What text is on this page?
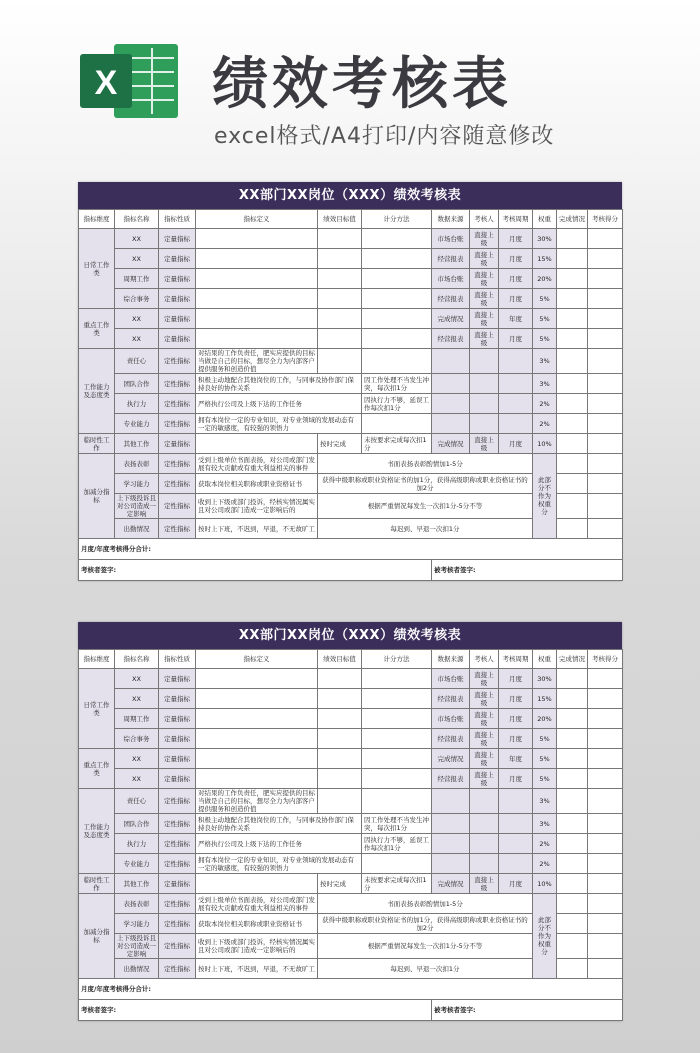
X 绩效考核表
excel格式/A4打印/内容随意修改
XX部门XX岗位（XXX）绩效考核表
指标维度	指标名称	指标性质	指标定义	绩效目标值	计分方法	数据来源	考核人	考核周期	权重	完成情况	考核得分
日常工作类	XX	定量指标				市场台账	直接上级	月度	30%		
	XX	定量指标				经营报表	直接上级	月度	15%		
	周期工作	定量指标				市场台账	直接上级	月度	20%		
	综合事务	定量指标				经营报表	直接上级	月度	5%		
重点工作类	XX	定量指标				完成情况	直接上级	年度	5%		
	XX	定量指标				经营报表	直接上级	月度	5%		
工作能力及态度类	责任心	定性指标	对结果的工作负责任，肥实应提供的目标当做是自己的目标，想尽全力为内部客户提供服务和创造价值						3%		
	团队合作	定性指标	积极主动地配合其他岗位的工作，与同事及协作部门保持良好的协作关系		因工作处理不当发生冲突，每次扣1分				3%		
	执行力	定性指标	严格执行公司及上级下达的工作任务		因执行力不够，延误工作每次扣1分				2%		
	专业能力	定性指标	拥有本岗位一定的专业知识，对专业领域的发展动态有一定的敏感度，有较强的领悟力						2%		
临时性工作	其他工作	定量指标		按时完成	未按要求完成每次扣1分	完成情况	直接上级	月度	10%		
加减分指标	表扬表彰	定性指标	受到上级单位书面表扬，对公司或部门发展有较大贡献或有重大利益相关的事件	书面表扬表彰酌情加1-5分					此部分不作为权重分		
	学习能力	定性指标	获取本岗位相关职称或职业资格证书	获得中级职称或职业资格证书的加1分，获得高级职称或职业资格证书的加2分							
	上下级投诉且对公司造成一定影响	定性指标	收到上下级或部门投诉，经核实情况属实且对公司或部门造成一定影响后的	根据严重情况每发生一次扣1分-5分不等							
	出勤情况	定性指标	按时上下班，不迟到，早退，不无故旷工	每迟到、早退一次扣1分							
月度/年度考核得分合计:											
考核者签字:						被考核者签字:					
XX部门XX岗位（XXX）绩效考核表
指标维度	指标名称	指标性质	指标定义	绩效目标值	计分方法	数据来源	考核人	考核周期	权重	完成情况	考核得分
日常工作类	XX	定量指标				市场台账	直接上级	月度	30%		
	XX	定量指标				经营报表	直接上级	月度	15%		
	周期工作	定量指标				市场台账	直接上级	月度	20%		
	综合事务	定量指标				经营报表	直接上级	月度	5%		
重点工作类	XX	定量指标				完成情况	直接上级	年度	5%		
	XX	定量指标				经营报表	直接上级	月度	5%		
工作能力及态度类	责任心	定性指标	对结果的工作负责任，肥实应提供的目标当做是自己的目标，想尽全力为内部客户提供服务和创造价值						3%		
	团队合作	定性指标	积极主动地配合其他岗位的工作，与同事及协作部门保持良好的协作关系		因工作处理不当发生冲突，每次扣1分				3%		
	执行力	定性指标	严格执行公司及上级下达的工作任务		因执行力不够，延误工作每次扣1分				2%		
	专业能力	定性指标	拥有本岗位一定的专业知识，对专业领域的发展动态有一定的敏感度，有较强的领悟力						2%		
临时性工作	其他工作	定量指标		按时完成	未按要求完成每次扣1分	完成情况	直接上级	月度	10%		
加减分指标	表扬表彰	定性指标	受到上级单位书面表扬，对公司或部门发展有较大贡献或有重大利益相关的事件	书面表扬表彰酌情加1-5分					此部分不作为权重分		
	学习能力	定性指标	获取本岗位相关职称或职业资格证书	获得中级职称或职业资格证书的加1分，获得高级职称或职业资格证书的加2分							
	上下级投诉且对公司造成一定影响	定性指标	收到上下级或部门投诉，经核实情况属实且对公司或部门造成一定影响后的	根据严重情况每发生一次扣1分-5分不等							
	出勤情况	定性指标	按时上下班，不迟到，早退，不无故旷工	每迟到、早退一次扣1分							
月度/年度考核得分合计:											
考核者签字:						被考核者签字:					
